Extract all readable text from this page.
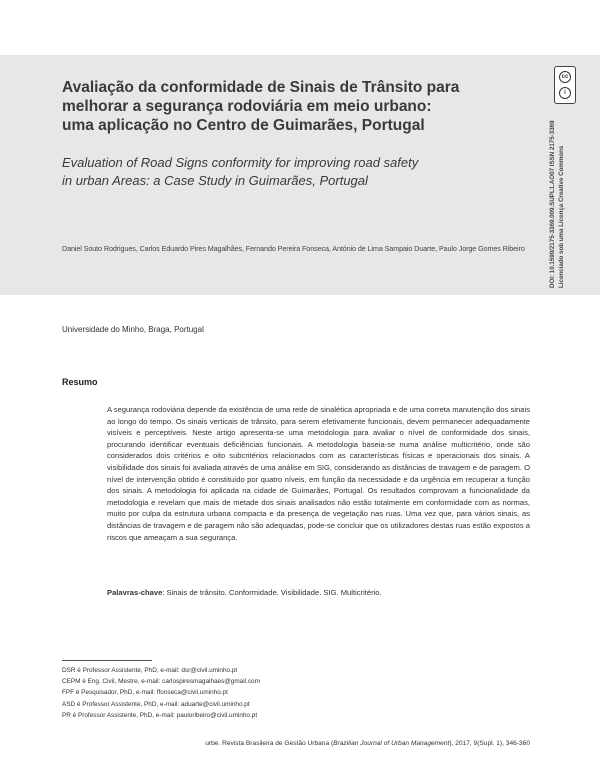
Avaliação da conformidade de Sinais de Trânsito para
melhorar a segurança rodoviária em meio urbano:
uma aplicação no Centro de Guimarães, Portugal
Evaluation of Road Signs conformity for improving road safety
in urban Areas: a Case Study in Guimarães, Portugal
Daniel Souto Rodrigues, Carlos Eduardo Pires Magalhães, Fernando Pereira Fonseca, António de Lima Sampaio Duarte, Paulo Jorge Gomes Ribeiro
cc
i
DOI: 10.1590/2175-3369.009.SUPL1.AO07 ISSN 2175-3369 Licenciado sob uma Licença Creative Commons
Universidade do Minho, Braga, Portugal
Resumo
A segurança rodoviária depende da existência de uma rede de sinalética apropriada e de uma correta manutenção dos sinais ao longo do tempo. Os sinais verticais de trânsito, para serem efetivamente funcionais, devem permanecer adequadamente visíveis e perceptíveis. Neste artigo apresenta-se uma metodologia para avaliar o nível de conformidade dos sinais, procurando identificar eventuais deficiências funcionais. A metodologia baseia-se numa análise multicritério, onde são considerados dois critérios e oito subcritérios relacionados com as características físicas e operacionais dos sinais. A visibilidade dos sinais foi avaliada através de uma análise em SIG, considerando as distâncias de travagem e de paragem. O nível de intervenção obtido é constituído por quatro níveis, em função da necessidade e da urgência em recuperar a função dos sinais. A metodologia foi aplicada na cidade de Guimarães, Portugal. Os resultados comprovam a funcionalidade da metodologia e revelam que mais de metade dos sinais analisados não estão totalmente em conformidade com as normas, muito por culpa da estrutura urbana compacta e da presença de vegetação nas ruas. Uma vez que, para vários sinais, as distâncias de travagem e de paragem não são adequadas, pode-se concluir que os utilizadores destas ruas estão expostos a riscos que ameaçam a sua segurança.
Palavras-chave: Sinais de trânsito. Conformidade. Visibilidade. SIG. Multicritério.
DSR é Professor Assistente, PhD, e-mail: dsr@civil.uminho.pt
CEPM é Eng. Civil, Mestre, e-mail: carlospiresmagalhaes@gmail.com
FPF é Pesquisador, PhD, e-mail: ffonseca@civil.uminho.pt
ASD é Professor Assistente, PhD, e-mail: aduarte@civil.uminho.pt
PR é Professor Assistente, PhD, e-mail: pauloribeiro@civil.uminho.pt
urbe. Revista Brasileira de Gestão Urbana (Brazilian Journal of Urban Management), 2017, 9(Supl. 1), 346-360
